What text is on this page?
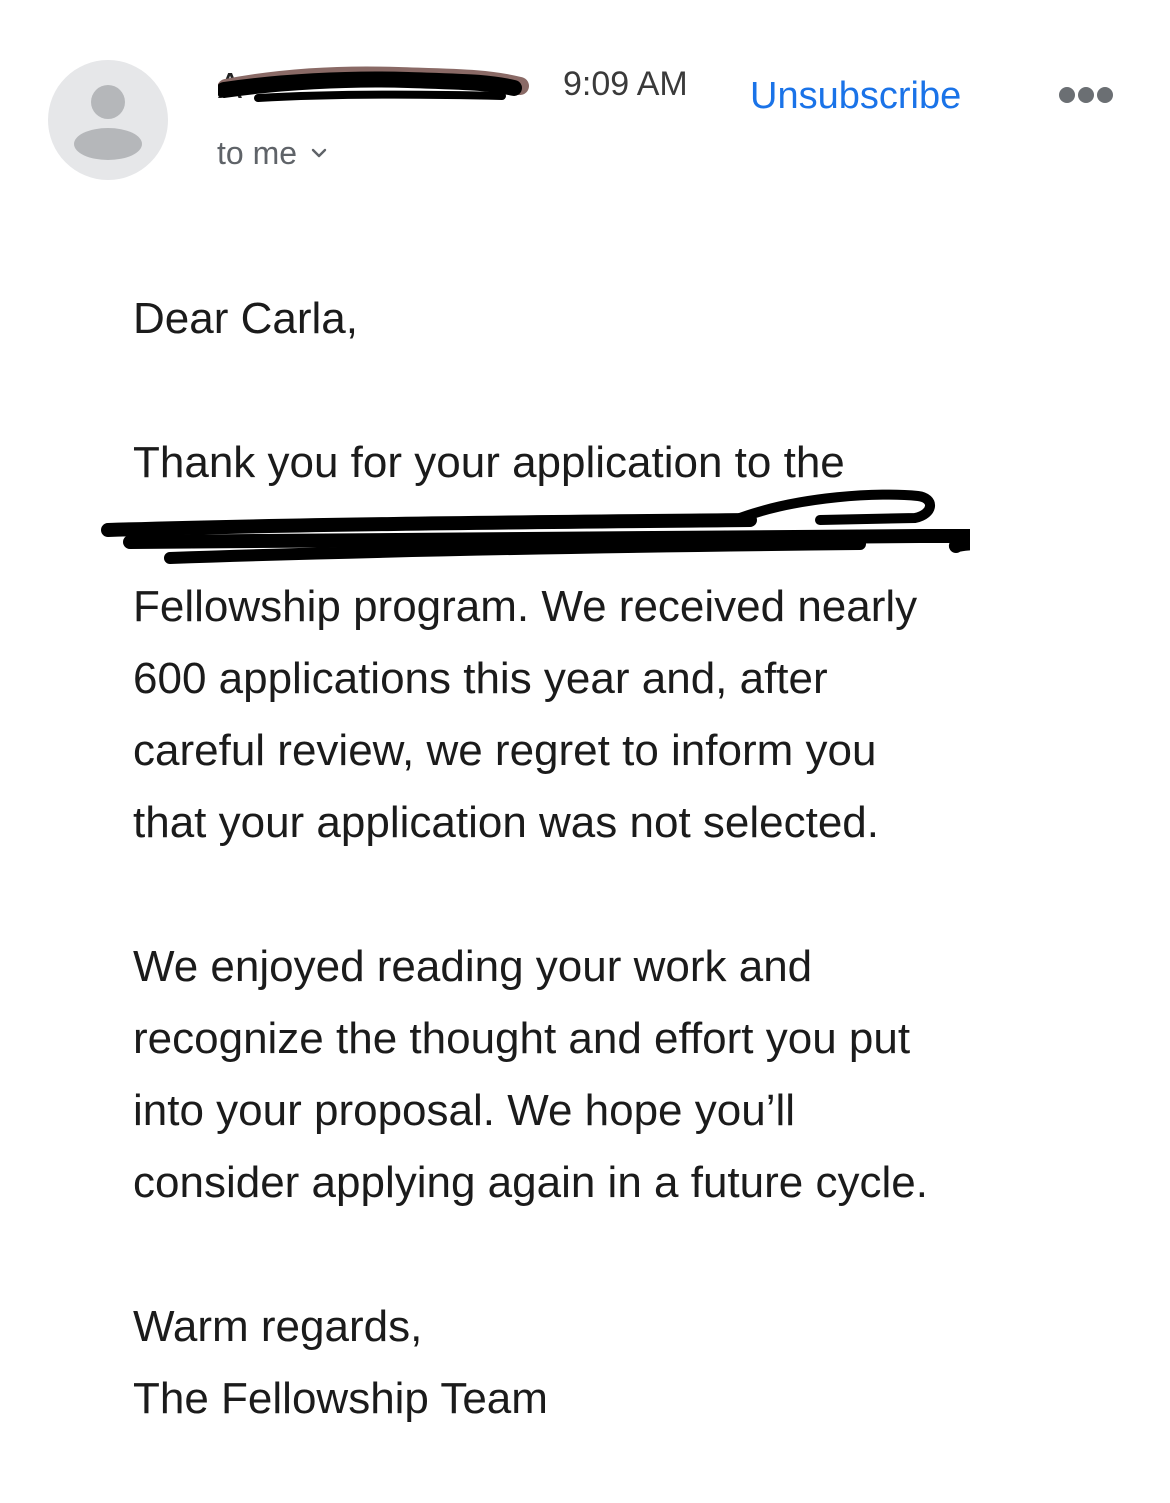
A	9:09 AM Unsubscribe
to me
Dear Carla,
Thank you for your application to the
Fellowship program. We received nearly
600 applications this year and, after
careful review, we regret to inform you
that your application was not selected.
We enjoyed reading your work and
recognize the thought and effort you put
into your proposal. We hope you’ll
consider applying again in a future cycle.
Warm regards,
The Fellowship Team
